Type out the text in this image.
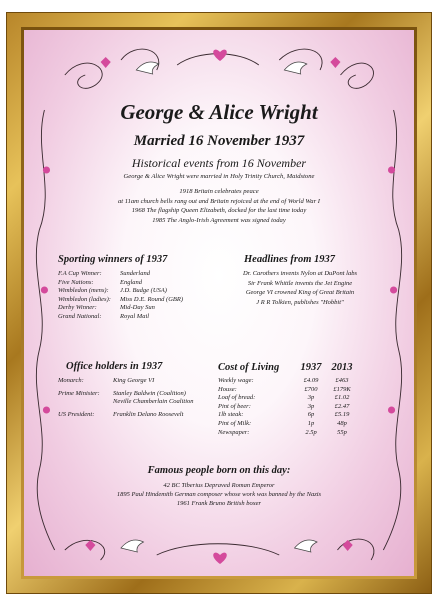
George & Alice Wright
Married 16 November 1937
Historical events from 16 November
George & Alice Wright were married in Holy Trinity Church, Maidstone
1918 Britain celebrates peace
at 11am church bells rang out and Britain rejoiced at the end of World War I
1968 The flagship Queen Elizabeth, docked for the last time today
1985 The Anglo-Irish Agreement was signed today
Sporting winners of 1937
F.A Cup Winner:	Sunderland
Five Nations:	England
Wimbledon (mens):	J.D. Budge (USA)
Wimbledon (ladies):	Miss D.E. Round (GBR)
Derby Winner:	Mid-Day Sun
Grand National:	Royal Mail
Headlines from 1937
Dr. Carothers invents Nylon at DuPont labs
Sir Frank Whittle invents the Jet Engine
George VI crowned King of Great Britain
J R R Tolkien, publishes "Hobbit"
Office holders in 1937
Monarch:	King George VI
Prime Minister:	Stanley Baldwin (Coalition)
Neville Chamberlain Coalition
US President:	Franklin Delano Roosevelt
Cost of Living	1937 2013
Weekly wage:	£4.09	£463
House:	£700	£179K
Loaf of bread:	3p	£1.02
Pint of beer:	3p	£2.47
1lb steak:	6p	£5.19
Pint of Milk:	1p	48p
Newspaper:	2.5p	55p
Famous people born on this day:
42 BC Tiberius Depraved Roman Emperor
1895 Paul Hindemith German composer whose work was banned by the Nazis
1961 Frank Bruno British boxer
